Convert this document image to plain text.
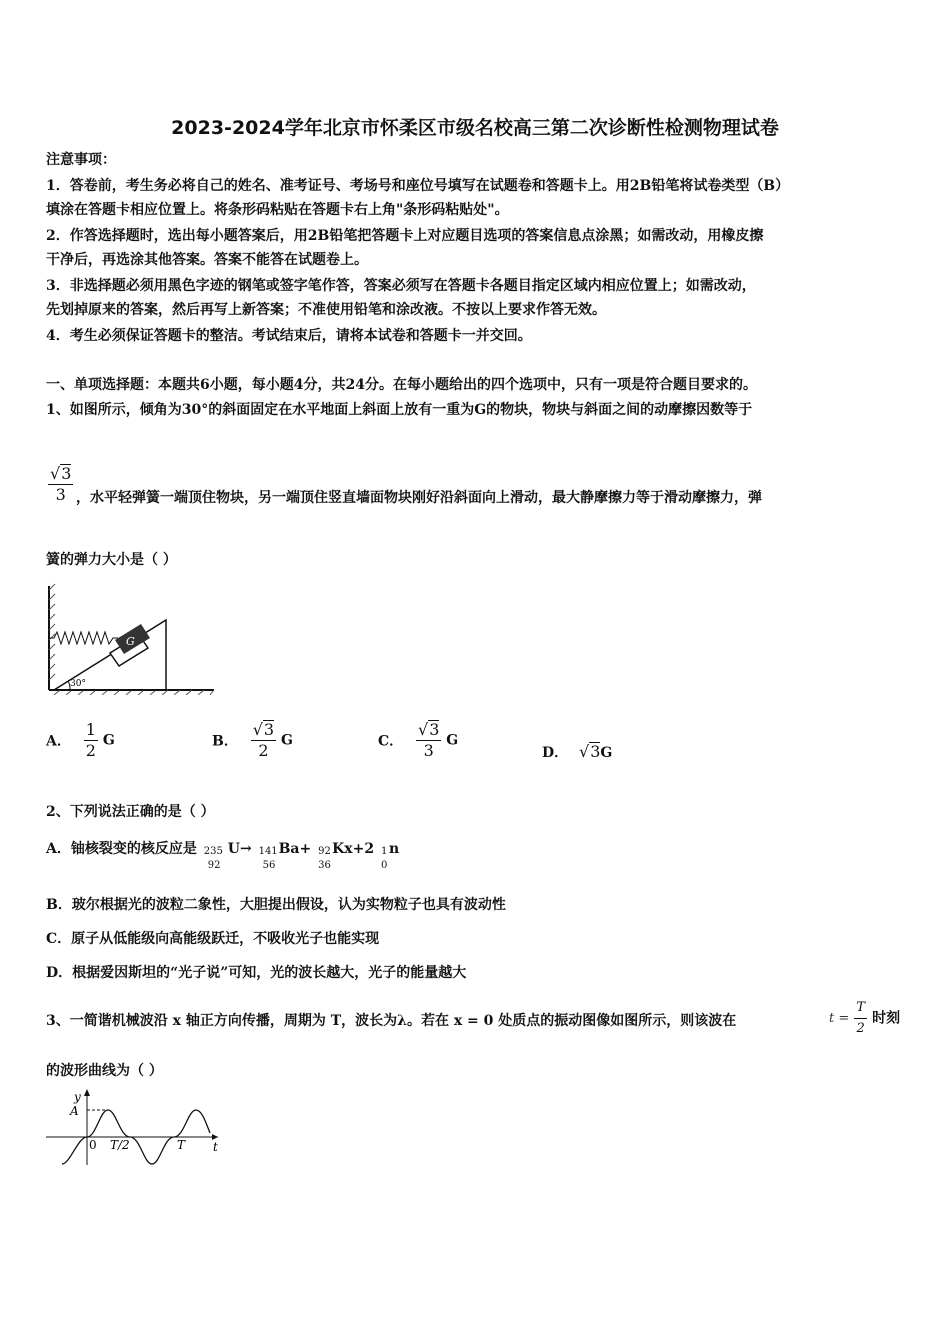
2023-2024学年北京市怀柔区市级名校高三第二次诊断性检测物理试卷
注意事项：
1．答卷前，考生务必将自己的姓名、准考证号、考场号和座位号填写在试题卷和答题卡上。用2B铅笔将试卷类型（B）
填涂在答题卡相应位置上。将条形码粘贴在答题卡右上角"条形码粘贴处"。
2．作答选择题时，选出每小题答案后，用2B铅笔把答题卡上对应题目选项的答案信息点涂黑；如需改动，用橡皮擦
干净后，再选涂其他答案。答案不能答在试题卷上。
3．非选择题必须用黑色字迹的钢笔或签字笔作答，答案必须写在答题卡各题目指定区域内相应位置上；如需改动，
先划掉原来的答案，然后再写上新答案；不准使用铅笔和涂改液。不按以上要求作答无效。
4．考生必须保证答题卡的整洁。考试结束后，请将本试卷和答题卡一并交回。
一、单项选择题：本题共6小题，每小题4分，共24分。在每小题给出的四个选项中，只有一项是符合题目要求的。
1、如图所示，倾角为30°的斜面固定在水平地面上斜面上放有一重为G的物块，物块与斜面之间的动摩擦因数等于
$\frac{√3}{3}$ ，水平轻弹簧一端顶住物块，另一端顶住竖直墙面物块刚好沿斜面向上滑动，最大静摩擦力等于滑动摩擦力，弹
簧的弹力大小是（ ）
G
30°
A． $\frac{1}{2}$ G	B． $\frac{√3}{2}$ G	C． $\frac{√3}{3}$ G
D． √3G
2、下列说法正确的是（ ）
A．铀核裂变的核反应是 235
92
U→ 141
56
Ba+ 92
36
Kx+2 1
0
n
B．玻尔根据光的波粒二象性，大胆提出假设，认为实物粒子也具有波动性
C．原子从低能级向高能级跃迁，不吸收光子也能实现
D．根据爱因斯坦的“光子说”可知，光的波长越大，光子的能量越大
3、一简谐机械波沿 x 轴正方向传播，周期为 T，波长为λ。若在 x = 0 处质点的振动图像如图所示，则该波在	$t = \frac{T}{2}$ 时刻
的波形曲线为（ ）
y
A
0 T/2	T t
